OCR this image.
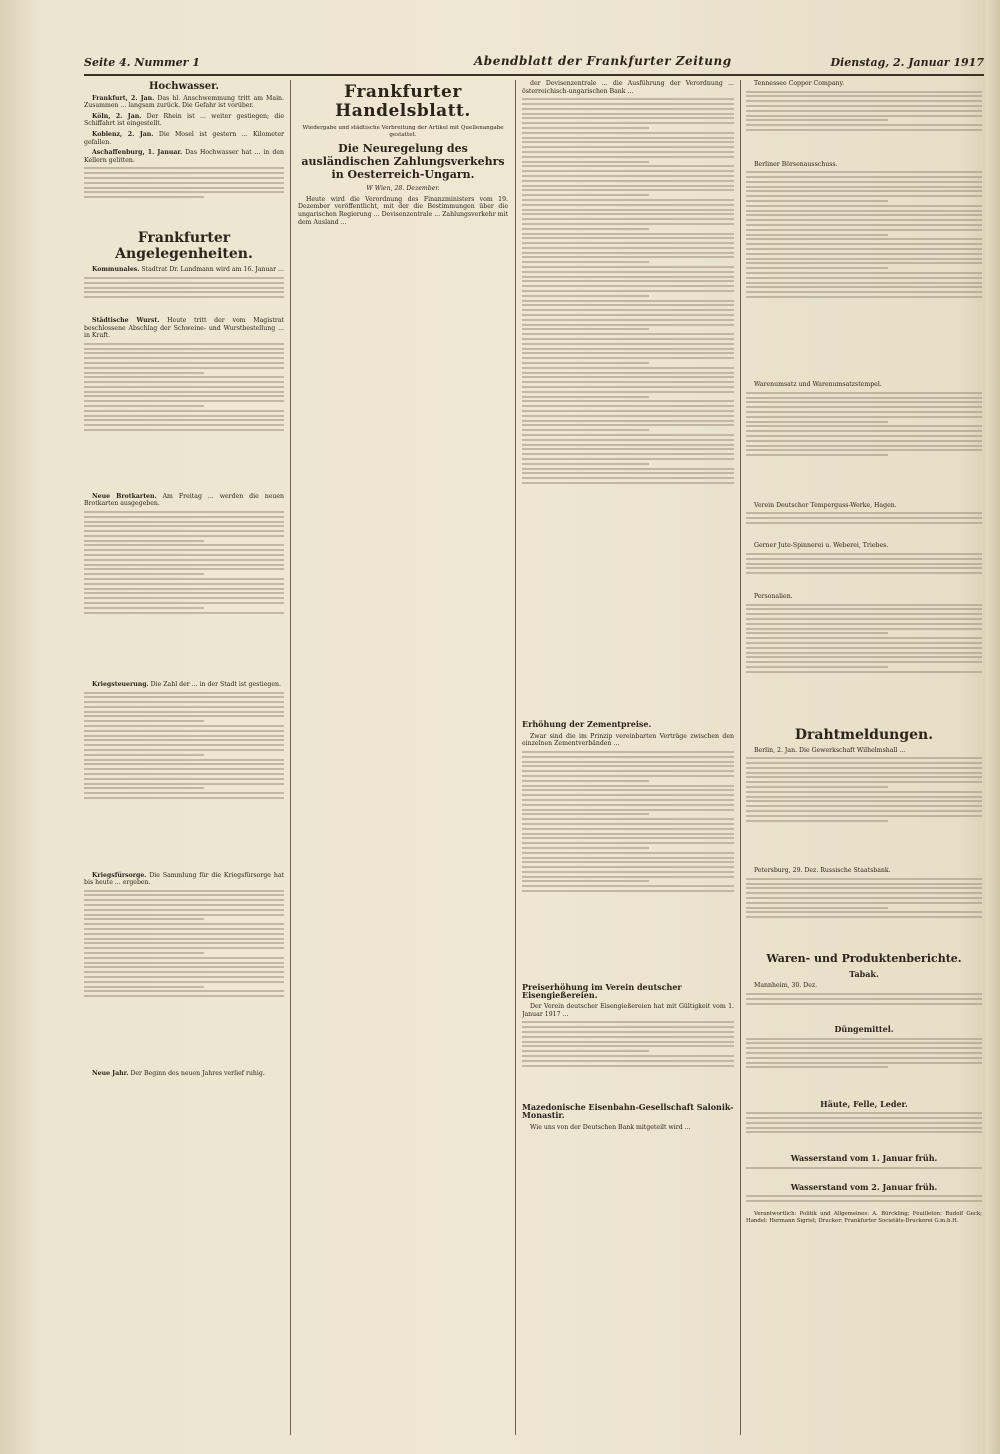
Seite 4. Nummer 1	Abendblatt der Frankfurter Zeitung	Dienstag, 2. Januar 1917
Hochwasser.

Frankfurt, 2. Jan. Das hl. Anschwemmung tritt am Main. Zusammen ... langsam zurück. Die Gefahr ist vorüber.

Köln, 2. Jan. Der Rhein ist ... weiter gestiegen; die Schiffahrt ist eingestellt.

Koblenz, 2. Jan. Die Mosel ist gestern ... Kilometer gefallen.

Aschaffenburg, 1. Januar. Das Hochwasser hat ... in den Kellern gelitten.

Frankfurter Angelegenheiten.

Kommunales. Stadtrat Dr. Landmann wird am 16. Januar ...

Städtische Wurst. Heute tritt der vom Magistrat beschlossene Abschlag der Schweine- und Wurstbestellung ... in Kraft.

Neue Brotkarten. Am Freitag ... werden die neuen Brotkarten ausgegeben.

Kriegsteuerung. Die Zahl der ... in der Stadt ist gestiegen.

Kriegsfürsorge. Die Sammlung für die Kriegsfürsorge hat bis heute ... ergeben.

Neue Jahr. Der Beginn des neuen Jahres verlief ruhig.

Frankfurter Handelsblatt.
Wiedergabe und städtische Verbreitung der Artikel mit Quellenangabe gestattet.
Die Neuregelung des ausländischen Zahlungsverkehrs in Oesterreich-Ungarn.
W Wien, 28. Dezember.

Heute wird die Verordnung des Finanzministers vom 19. Dezember veröffentlicht, mit der die Bestimmungen über die ungarischen Regierung ... Devisenzentrale ... Zahlungsverkehr mit dem Ausland ...

der Devisenzentrale ... die Ausführung der Verordnung ... österreichisch-ungarischen Bank ...

Erhöhung der Zementpreise.

Zwar sind die im Prinzip vereinbarten Verträge zwischen den einzelnen Zementverbänden ...

Preiserhöhung im Verein deutscher Eisengießereien.

Der Verein deutscher Eisengießereien hat mit Gültigkeit vom 1. Januar 1917 ...

Mazedonische Eisenbahn-Gesellschaft Salonik-Monastir.

Wie uns von der Deutschen Bank mitgeteilt wird ...

Tennessee Copper Company.

Berliner Börsenausschuss.

Warenumsatz und Warenumsatzstempel.

Verein Deutscher Temperguss-Werke, Hagen.

Gerner Jute-Spinnerei u. Weberei, Triebes.

Personalien.

Drahtmeldungen.

Berlin, 2. Jan. Die Gewerkschaft Wilhelmshall ...

Petersburg, 29. Dez. Russische Staatsbank.

Waren- und Produktenberichte.
Tabak.

Mannheim, 30. Dez.

Düngemittel.
Häute, Felle, Leder.
Wasserstand vom 1. Januar früh.
Wasserstand vom 2. Januar früh.

Verantwortlich: Politik und Allgemeines: A. Bürckling; Feuilleton: Rudolf Geck; Handel: Hermann Sigrist; Drucker: Frankfurter Societäts-Druckerei G.m.b.H.
